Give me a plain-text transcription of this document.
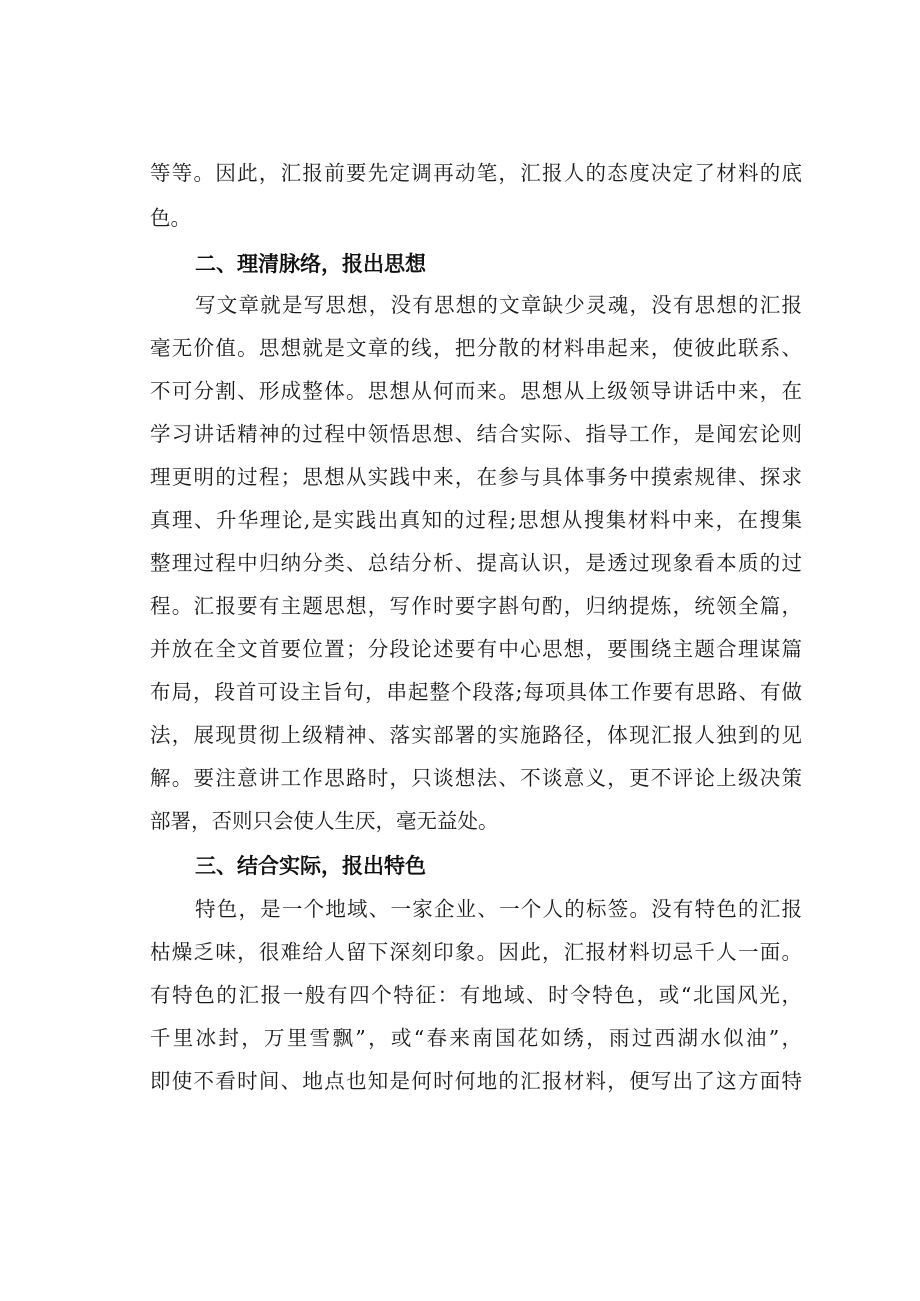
等等。因此，汇报前要先定调再动笔，汇报人的态度决定了材料的底
色。
二、理清脉络，报出思想
写文章就是写思想，没有思想的文章缺少灵魂，没有思想的汇报
毫无价值。思想就是文章的线，把分散的材料串起来，使彼此联系、
不可分割、形成整体。思想从何而来。思想从上级领导讲话中来，在
学习讲话精神的过程中领悟思想、结合实际、指导工作，是闻宏论则
理更明的过程；思想从实践中来，在参与具体事务中摸索规律、探求
真理、升华理论,是实践出真知的过程;思想从搜集材料中来，在搜集
整理过程中归纳分类、总结分析、提高认识，是透过现象看本质的过
程。汇报要有主题思想，写作时要字斟句酌，归纳提炼，统领全篇，
并放在全文首要位置；分段论述要有中心思想，要围绕主题合理谋篇
布局，段首可设主旨句，串起整个段落;每项具体工作要有思路、有做
法，展现贯彻上级精神、落实部署的实施路径，体现汇报人独到的见
解。要注意讲工作思路时，只谈想法、不谈意义，更不评论上级决策
部署，否则只会使人生厌，毫无益处。
三、结合实际，报出特色
特色，是一个地域、一家企业、一个人的标签。没有特色的汇报
枯燥乏味，很难给人留下深刻印象。因此，汇报材料切忌千人一面。
有特色的汇报一般有四个特征：有地域、时令特色，或“北国风光，
千里冰封，万里雪飘”，或“春来南国花如绣，雨过西湖水似油”，
即使不看时间、地点也知是何时何地的汇报材料，便写出了这方面特
